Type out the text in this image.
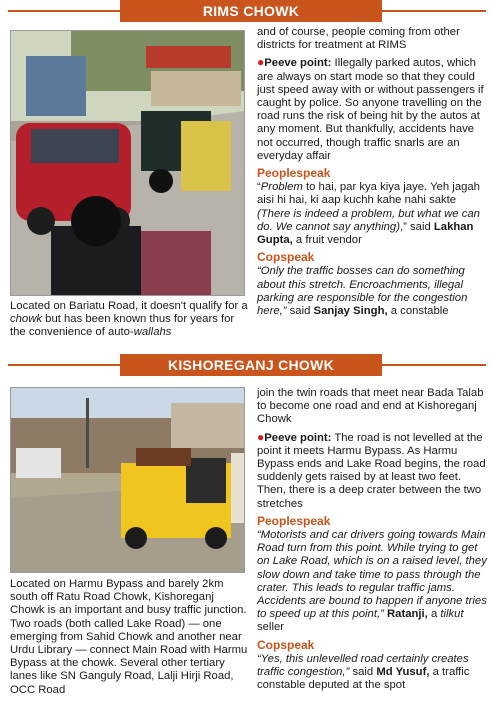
RIMS CHOWK
Located on Bariatu Road, it doesn't qualify for a chowk but has been known thus for years for the convenience of auto-wallahs

and of course, people coming from other districts for treatment at RIMS

●Peeve point: Illegally parked autos, which are always on start mode so that they could just speed away with or without passengers if caught by police. So anyone travelling on the road runs the risk of being hit by the autos at any moment. But thankfully, accidents have not occurred, though traffic snarls are an everyday affair

Peoplespeak

“Problem to hai, par kya kiya jaye. Yeh jagah aisi hi hai, ki aap kuchh kahe nahi sakte (There is indeed a problem, but what we can do. We cannot say anything),” said Lakhan Gupta, a fruit vendor

Copspeak

“Only the traffic bosses can do something about this stretch. Encroachments, illegal parking are responsible for the congestion here,” said Sanjay Singh, a constable

KISHOREGANJ CHOWK
Located on Harmu Bypass and barely 2km south off Ratu Road Chowk, Kishoreganj Chowk is an important and busy traffic junction. Two roads (both called Lake Road) — one emerging from Sahid Chowk and another near Urdu Library — connect Main Road with Harmu Bypass at the chowk. Several other tertiary lanes like SN Ganguly Road, Lalji Hirji Road, OCC Road

join the twin roads that meet near Bada Talab to become one road and end at Kishoreganj Chowk

●Peeve point: The road is not levelled at the point it meets Harmu Bypass. As Harmu Bypass ends and Lake Road begins, the road suddenly gets raised by at least two feet. Then, there is a deep crater between the two stretches

Peoplespeak

“Motorists and car drivers going towards Main Road turn from this point. While trying to get on Lake Road, which is on a raised level, they slow down and take time to pass through the crater. This leads to regular traffic jams. Accidents are bound to happen if anyone tries to speed up at this point,” Ratanji, a tilkut seller

Copspeak

“Yes, this unlevelled road certainly creates traffic congestion,” said Md Yusuf, a traffic constable deputed at the spot
